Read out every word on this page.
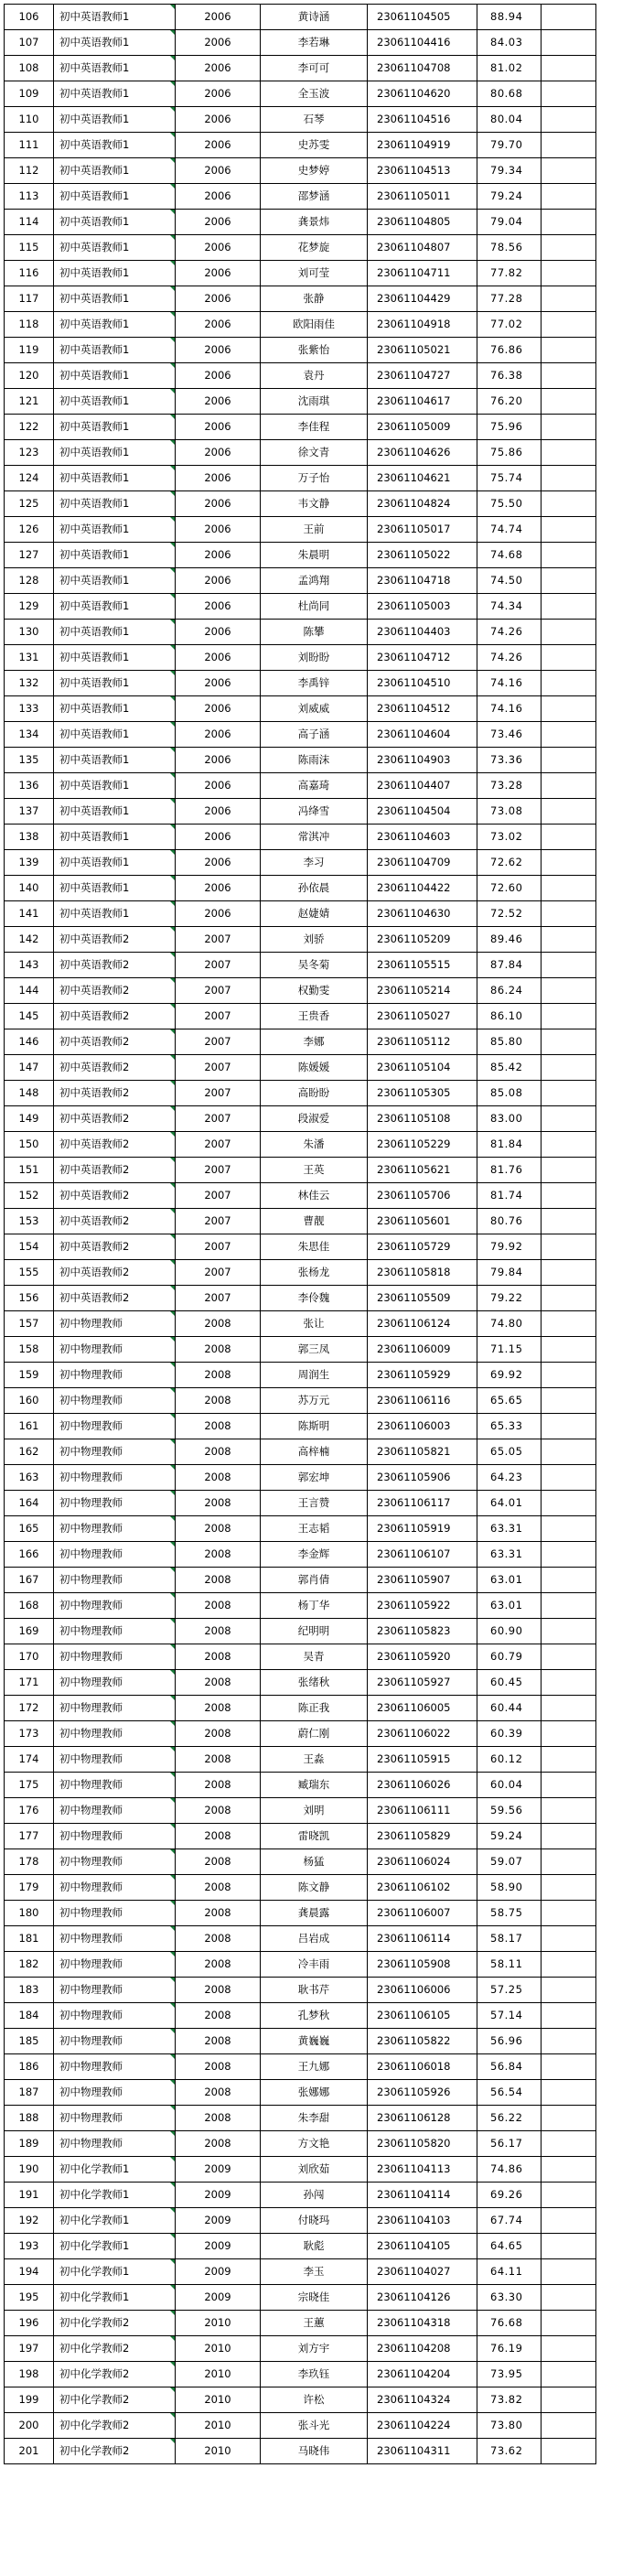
106	初中英语教师1	2006	黄诗涵	23061104505	88.94	
107	初中英语教师1	2006	李若琳	23061104416	84.03	
108	初中英语教师1	2006	李可可	23061104708	81.02	
109	初中英语教师1	2006	全玉波	23061104620	80.68	
110	初中英语教师1	2006	石琴	23061104516	80.04	
111	初中英语教师1	2006	史苏雯	23061104919	79.70	
112	初中英语教师1	2006	史梦婷	23061104513	79.34	
113	初中英语教师1	2006	邵梦涵	23061105011	79.24	
114	初中英语教师1	2006	龚景炜	23061104805	79.04	
115	初中英语教师1	2006	花梦旋	23061104807	78.56	
116	初中英语教师1	2006	刘可莹	23061104711	77.82	
117	初中英语教师1	2006	张静	23061104429	77.28	
118	初中英语教师1	2006	欧阳雨佳	23061104918	77.02	
119	初中英语教师1	2006	张紫怡	23061105021	76.86	
120	初中英语教师1	2006	袁丹	23061104727	76.38	
121	初中英语教师1	2006	沈雨琪	23061104617	76.20	
122	初中英语教师1	2006	李佳程	23061105009	75.96	
123	初中英语教师1	2006	徐文青	23061104626	75.86	
124	初中英语教师1	2006	万子怡	23061104621	75.74	
125	初中英语教师1	2006	韦文静	23061104824	75.50	
126	初中英语教师1	2006	王前	23061105017	74.74	
127	初中英语教师1	2006	朱晨明	23061105022	74.68	
128	初中英语教师1	2006	孟鸿翔	23061104718	74.50	
129	初中英语教师1	2006	杜尚同	23061105003	74.34	
130	初中英语教师1	2006	陈攀	23061104403	74.26	
131	初中英语教师1	2006	刘盼盼	23061104712	74.26	
132	初中英语教师1	2006	李禹锌	23061104510	74.16	
133	初中英语教师1	2006	刘威威	23061104512	74.16	
134	初中英语教师1	2006	高子涵	23061104604	73.46	
135	初中英语教师1	2006	陈雨沫	23061104903	73.36	
136	初中英语教师1	2006	高嘉琦	23061104407	73.28	
137	初中英语教师1	2006	冯绛雪	23061104504	73.08	
138	初中英语教师1	2006	常淇冲	23061104603	73.02	
139	初中英语教师1	2006	李习	23061104709	72.62	
140	初中英语教师1	2006	孙依晨	23061104422	72.60	
141	初中英语教师1	2006	赵婕婧	23061104630	72.52	
142	初中英语教师2	2007	刘骄	23061105209	89.46	
143	初中英语教师2	2007	吴冬菊	23061105515	87.84	
144	初中英语教师2	2007	权勤雯	23061105214	86.24	
145	初中英语教师2	2007	王贵香	23061105027	86.10	
146	初中英语教师2	2007	李娜	23061105112	85.80	
147	初中英语教师2	2007	陈媛媛	23061105104	85.42	
148	初中英语教师2	2007	高盼盼	23061105305	85.08	
149	初中英语教师2	2007	段淑爱	23061105108	83.00	
150	初中英语教师2	2007	朱潘	23061105229	81.84	
151	初中英语教师2	2007	王英	23061105621	81.76	
152	初中英语教师2	2007	林佳云	23061105706	81.74	
153	初中英语教师2	2007	曹靓	23061105601	80.76	
154	初中英语教师2	2007	朱思佳	23061105729	79.92	
155	初中英语教师2	2007	张杨龙	23061105818	79.84	
156	初中英语教师2	2007	李伶魏	23061105509	79.22	
157	初中物理教师	2008	张让	23061106124	74.80	
158	初中物理教师	2008	郭三凤	23061106009	71.15	
159	初中物理教师	2008	周润生	23061105929	69.92	
160	初中物理教师	2008	苏万元	23061106116	65.65	
161	初中物理教师	2008	陈斯明	23061106003	65.33	
162	初中物理教师	2008	高梓楠	23061105821	65.05	
163	初中物理教师	2008	郭宏坤	23061105906	64.23	
164	初中物理教师	2008	王言赞	23061106117	64.01	
165	初中物理教师	2008	王志韬	23061105919	63.31	
166	初中物理教师	2008	李金辉	23061106107	63.31	
167	初中物理教师	2008	郭肖倩	23061105907	63.01	
168	初中物理教师	2008	杨丁华	23061105922	63.01	
169	初中物理教师	2008	纪明明	23061105823	60.90	
170	初中物理教师	2008	吴青	23061105920	60.79	
171	初中物理教师	2008	张绪秋	23061105927	60.45	
172	初中物理教师	2008	陈正我	23061106005	60.44	
173	初中物理教师	2008	蔚仁刚	23061106022	60.39	
174	初中物理教师	2008	王淼	23061105915	60.12	
175	初中物理教师	2008	臧瑞东	23061106026	60.04	
176	初中物理教师	2008	刘明	23061106111	59.56	
177	初中物理教师	2008	雷晓凯	23061105829	59.24	
178	初中物理教师	2008	杨猛	23061106024	59.07	
179	初中物理教师	2008	陈文静	23061106102	58.90	
180	初中物理教师	2008	龚晨露	23061106007	58.75	
181	初中物理教师	2008	吕岩成	23061106114	58.17	
182	初中物理教师	2008	冷丰雨	23061105908	58.11	
183	初中物理教师	2008	耿书芹	23061106006	57.25	
184	初中物理教师	2008	孔梦秋	23061106105	57.14	
185	初中物理教师	2008	黄巍巍	23061105822	56.96	
186	初中物理教师	2008	王九娜	23061106018	56.84	
187	初中物理教师	2008	张娜娜	23061105926	56.54	
188	初中物理教师	2008	朱李甜	23061106128	56.22	
189	初中物理教师	2008	方文艳	23061105820	56.17	
190	初中化学教师1	2009	刘欣茹	23061104113	74.86	
191	初中化学教师1	2009	孙闯	23061104114	69.26	
192	初中化学教师1	2009	付晓玛	23061104103	67.74	
193	初中化学教师1	2009	耿彪	23061104105	64.65	
194	初中化学教师1	2009	李玉	23061104027	64.11	
195	初中化学教师1	2009	宗晓佳	23061104126	63.30	
196	初中化学教师2	2010	王蕙	23061104318	76.68	
197	初中化学教师2	2010	刘方宇	23061104208	76.19	
198	初中化学教师2	2010	李玖钰	23061104204	73.95	
199	初中化学教师2	2010	许松	23061104324	73.82	
200	初中化学教师2	2010	张斗光	23061104224	73.80	
201	初中化学教师2	2010	马晓伟	23061104311	73.62	
